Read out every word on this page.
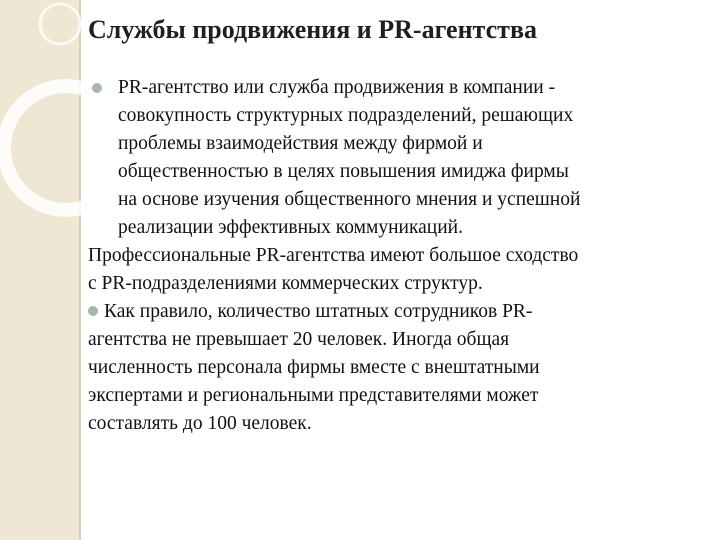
Службы продвижения и PR-агентства
PR-агентство или служба продвижения в компании -
совокупность структурных подразделений, решающих
проблемы взаимодействия между фирмой и
общественностью в целях повышения имиджа фирмы
на основе изучения общественного мнения и успешной
реализации эффективных коммуникаций.
Профессиональные PR-агентства имеют большое сходство
с PR-подразделениями коммерческих структур.
Как правило, количество штатных сотрудников PR-
агентства не превышает 20 человек. Иногда общая
численность персонала фирмы вместе с внештатными
экспертами и региональными представителями может
составлять до 100 человек.
